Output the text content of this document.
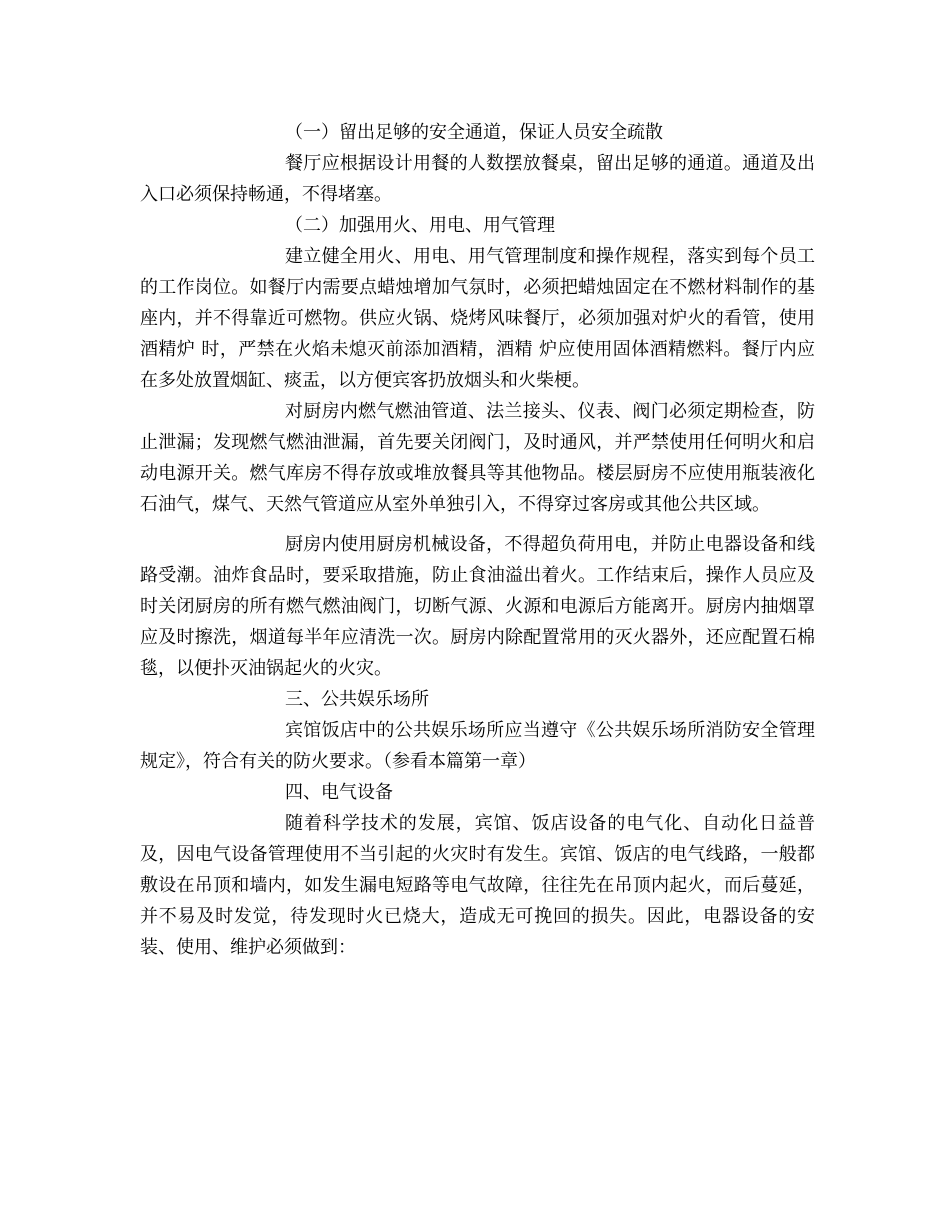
（一）留出足够的安全通道，保证人员安全疏散

餐厅应根据设计用餐的人数摆放餐桌，留出足够的通道。通道及出入口必须保持畅通，不得堵塞。

（二）加强用火、用电、用气管理

建立健全用火、用电、用气管理制度和操作规程，落实到每个员工 的工作岗位。如餐厅内需要点蜡烛增加气氛时，必须把蜡烛固定在不燃材料制作的基座内，并不得靠近可燃物。供应火锅、烧烤风味餐厅，必须加强对炉火的看管，使用酒精炉 时，严禁在火焰未熄灭前添加酒精，酒精 炉应使用固体酒精燃料。餐厅内应在多处放置烟缸、痰盂，以方便宾客扔放烟头和火柴梗。

对厨房内燃气燃油管道、法兰接头、仪表、阀门必须定期检查，防止泄漏；发现燃气燃油泄漏，首先要关闭阀门，及时通风，并严禁使用任何明火和启动电源开关。燃气库房不得存放或堆放餐具等其他物品。楼层厨房不应使用瓶装液化石油气，煤气、天然气管道应从室外单独引入，不得穿过客房或其他公共区域。

厨房内使用厨房机械设备，不得超负荷用电，并防止电器设备和线路受潮。油炸食品时，要采取措施，防止食油溢出着火。工作结束后，操作人员应及时关闭厨房的所有燃气燃油阀门，切断气源、火源和电源后方能离开。厨房内抽烟罩应及时擦洗，烟道每半年应清洗一次。厨房内除配置常用的灭火器外，还应配置石棉毯，以便扑灭油锅起火的火灾。

三、公共娱乐场所

宾馆饭店中的公共娱乐场所应当遵守《公共娱乐场所消防安全管理规定》，符合有关的防火要求。（参看本篇第一章）

四、电气设备

随着科学技术的发展，宾馆、饭店设备的电气化、自动化日益普及，因电气设备管理使用不当引起的火灾时有发生。宾馆、饭店的电气线路，一般都敷设在吊顶和墙内，如发生漏电短路等电气故障，往往先在吊顶内起火，而后蔓延，并不易及时发觉，待发现时火已烧大，造成无可挽回的损失。因此，电器设备的安装、使用、维护必须做到：
